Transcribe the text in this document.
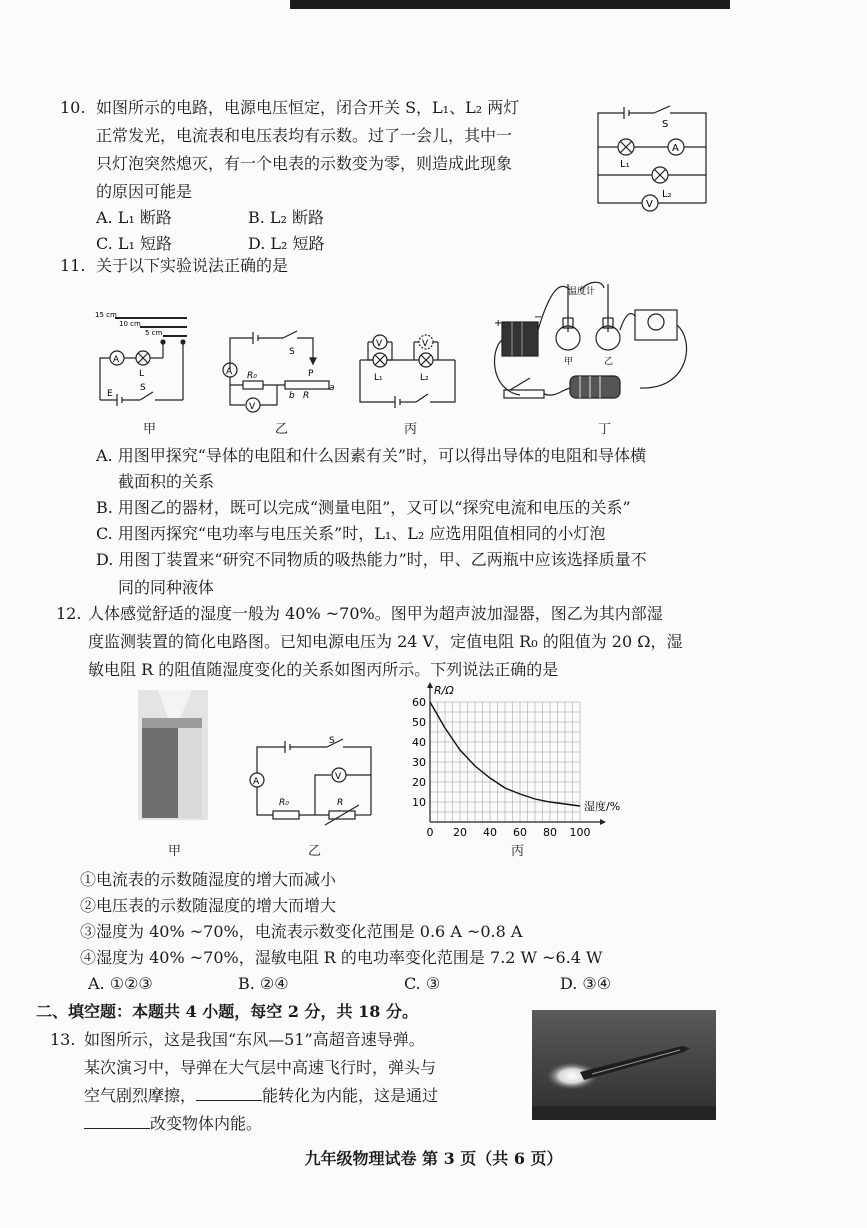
10. 如图所示的电路，电源电压恒定，闭合开关 S，L₁、L₂ 两灯
正常发光，电流表和电压表均有示数。过了一会儿，其中一
只灯泡突然熄灭，有一个电表的示数变为零，则造成此现象
的原因可能是
A. L₁ 断路	B. L₂ 断路
C. L₁ 短路	D. L₂ 短路
S
A
V
L₁
L₂
11. 关于以下实验说法正确的是
15 cm
10 cm
5 cm
A
L
E
S
甲
S
A R₀	P
b
a
R
V
乙
V	V
L₁	L₂
丙
+
−
温度计
甲	乙
丁
A. 用图甲探究“导体的电阻和什么因素有关”时，可以得出导体的电阻和导体横
截面积的关系
B. 用图乙的器材，既可以完成“测量电阻”，又可以“探究电流和电压的关系”
C. 用图丙探究“电功率与电压关系”时，L₁、L₂ 应选用阻值相同的小灯泡
D. 用图丁装置来“研究不同物质的吸热能力”时，甲、乙两瓶中应该选择质量不
同的同种液体
12. 人体感觉舒适的湿度一般为 40% ~70%。图甲为超声波加湿器，图乙为其内部湿
度监测装置的简化电路图。已知电源电压为 24 V，定值电阻 R₀ 的阻值为 20 Ω，湿
敏电阻 R 的阻值随湿度变化的关系如图丙所示。下列说法正确的是
甲
S
A	V
R₀	R
乙
0 20 40 60 80 100
10
20
30
40
50
60
湿度/%
R/Ω
丙
①电流表的示数随湿度的增大而减小
②电压表的示数随湿度的增大而增大
③湿度为 40% ~70%，电流表示数变化范围是 0.6 A ~0.8 A
④湿度为 40% ~70%，湿敏电阻 R 的电功率变化范围是 7.2 W ~6.4 W
A. ①②③	B. ②④	C. ③	D. ③④
二、填空题：本题共 4 小题，每空 2 分，共 18 分。
13. 如图所示，这是我国“东风—51”高超音速导弹。
某次演习中，导弹在大气层中高速飞行时，弹头与
空气剧烈摩擦，	能转化为内能，这是通过
改变物体内能。
九年级物理试卷 第 3 页（共 6 页）
